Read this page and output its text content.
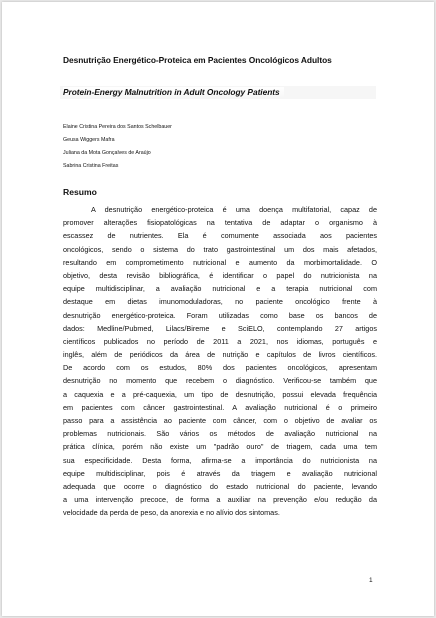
Desnutrição Energético-Proteica em Pacientes Oncológicos Adultos
Protein-Energy Malnutrition in Adult Oncology Patients
Elaine Cristina Pereira dos Santos Schelbauer
Geusa Wiggers Mafra
Juliana da Mota Gonçalves de Araújo
Sabrina Cristina Freitas
Resumo
A desnutrição energético-proteica é uma doença multifatorial, capaz de
promover alterações fisiopatológicas na tentativa de adaptar o organismo à
escassez de nutrientes. Ela é comumente associada aos pacientes
oncológicos, sendo o sistema do trato gastrointestinal um dos mais afetados,
resultando em comprometimento nutricional e aumento da morbimortalidade. O
objetivo, desta revisão bibliográfica, é identificar o papel do nutricionista na
equipe multidisciplinar, a avaliação nutricional e a terapia nutricional com
destaque em dietas imunomoduladoras, no paciente oncológico frente à
desnutrição energético-proteica. Foram utilizadas como base os bancos de
dados: Medline/Pubmed, Lilacs/Bireme e SciELO, contemplando 27 artigos
científicos publicados no período de 2011 a 2021, nos idiomas, português e
inglês, além de periódicos da área de nutrição e capítulos de livros científicos.
De acordo com os estudos, 80% dos pacientes oncológicos, apresentam
desnutrição no momento que recebem o diagnóstico. Verificou-se também que
a caquexia e a pré-caquexia, um tipo de desnutrição, possui elevada frequência
em pacientes com câncer gastrointestinal. A avaliação nutricional é o primeiro
passo para a assistência ao paciente com câncer, com o objetivo de avaliar os
problemas nutricionais. São vários os métodos de avaliação nutricional na
prática clínica, porém não existe um "padrão ouro" de triagem, cada uma tem
sua especificidade. Desta forma, afirma-se a importância do nutricionista na
equipe multidisciplinar, pois é através da triagem e avaliação nutricional
adequada que ocorre o diagnóstico do estado nutricional do paciente, levando
a uma intervenção precoce, de forma a auxiliar na prevenção e/ou redução da
velocidade da perda de peso, da anorexia e no alívio dos sintomas.
1
